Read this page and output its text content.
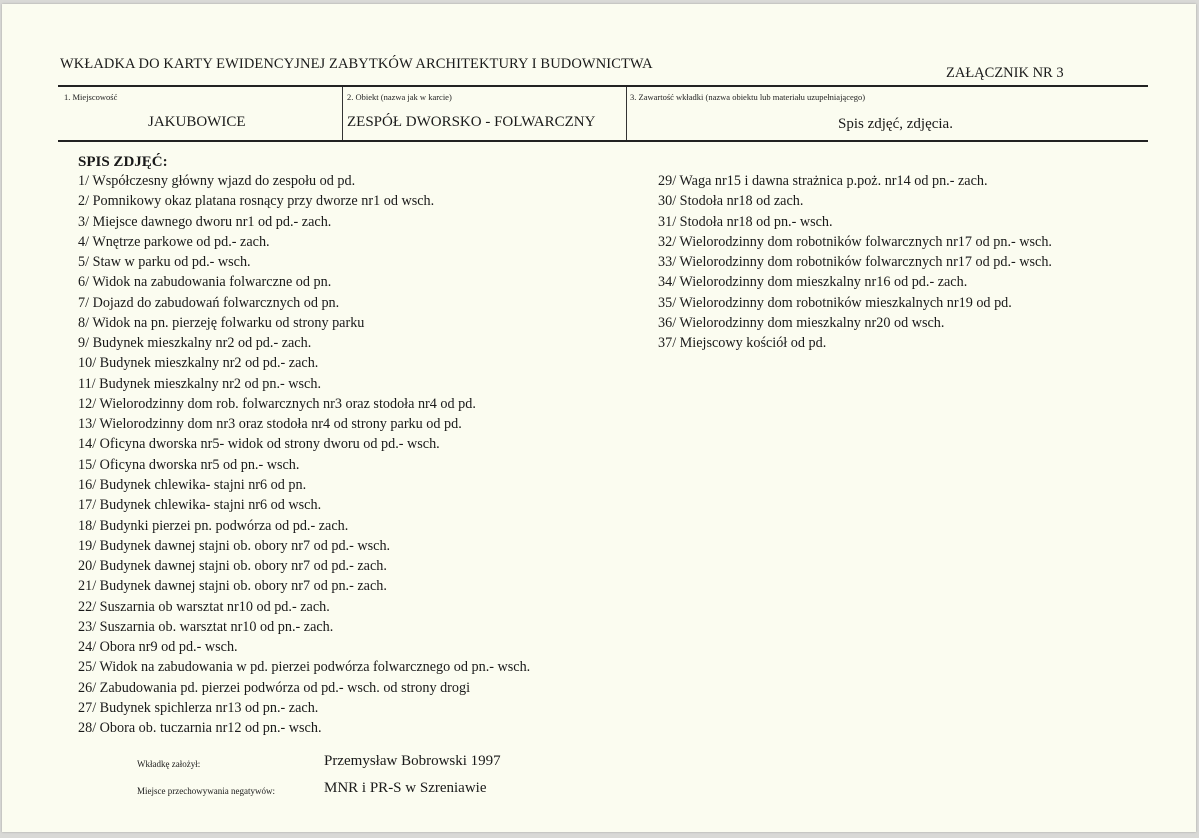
WKŁADKA DO KARTY EWIDENCYJNEJ ZABYTKÓW ARCHITEKTURY I BUDOWNICTWA
ZAŁĄCZNIK NR 3
1. Miejscowość
JAKUBOWICE
2. Obiekt (nazwa jak w karcie)
ZESPÓŁ DWORSKO - FOLWARCZNY
3. Zawartość wkładki (nazwa obiektu lub materiału uzupełniającego)
Spis zdjęć, zdjęcia.
SPIS ZDJĘĆ:
1/ Współczesny główny wjazd do zespołu od pd.
2/ Pomnikowy okaz platana rosnący przy dworze nr1 od wsch.
3/ Miejsce dawnego dworu nr1 od pd.- zach.
4/ Wnętrze parkowe od pd.- zach.
5/ Staw w parku od pd.- wsch.
6/ Widok na zabudowania folwarczne od pn.
7/ Dojazd do zabudowań folwarcznych od pn.
8/ Widok na pn. pierzeję folwarku od strony parku
9/ Budynek mieszkalny nr2 od pd.- zach.
10/ Budynek mieszkalny nr2 od pd.- zach.
11/ Budynek mieszkalny nr2 od pn.- wsch.
12/ Wielorodzinny dom rob. folwarcznych nr3 oraz stodoła nr4 od pd.
13/ Wielorodzinny dom nr3 oraz stodoła nr4 od strony parku od pd.
14/ Oficyna dworska nr5- widok od strony dworu od pd.- wsch.
15/ Oficyna dworska nr5 od pn.- wsch.
16/ Budynek chlewika- stajni nr6 od pn.
17/ Budynek chlewika- stajni nr6 od wsch.
18/ Budynki pierzei pn. podwórza od pd.- zach.
19/ Budynek dawnej stajni ob. obory nr7 od pd.- wsch.
20/ Budynek dawnej stajni ob. obory nr7 od pd.- zach.
21/ Budynek dawnej stajni ob. obory nr7 od pn.- zach.
22/ Suszarnia ob warsztat nr10 od pd.- zach.
23/ Suszarnia ob. warsztat nr10 od pn.- zach.
24/ Obora nr9 od pd.- wsch.
25/ Widok na zabudowania w pd. pierzei podwórza folwarcznego od pn.- wsch.
26/ Zabudowania pd. pierzei podwórza od pd.- wsch. od strony drogi
27/ Budynek spichlerza nr13 od pn.- zach.
28/ Obora ob. tuczarnia nr12 od pn.- wsch.
29/ Waga nr15 i dawna strażnica p.poż. nr14 od pn.- zach.
30/ Stodoła nr18 od zach.
31/ Stodoła nr18 od pn.- wsch.
32/ Wielorodzinny dom robotników folwarcznych nr17 od pn.- wsch.
33/ Wielorodzinny dom robotników folwarcznych nr17 od pd.- wsch.
34/ Wielorodzinny dom mieszkalny nr16 od pd.- zach.
35/ Wielorodzinny dom robotników mieszkalnych nr19 od pd.
36/ Wielorodzinny dom mieszkalny nr20 od wsch.
37/ Miejscowy kościół od pd.
Wkładkę założył:	Przemysław Bobrowski 1997
Miejsce przechowywania negatywów:	MNR i PR-S w Szreniawie
